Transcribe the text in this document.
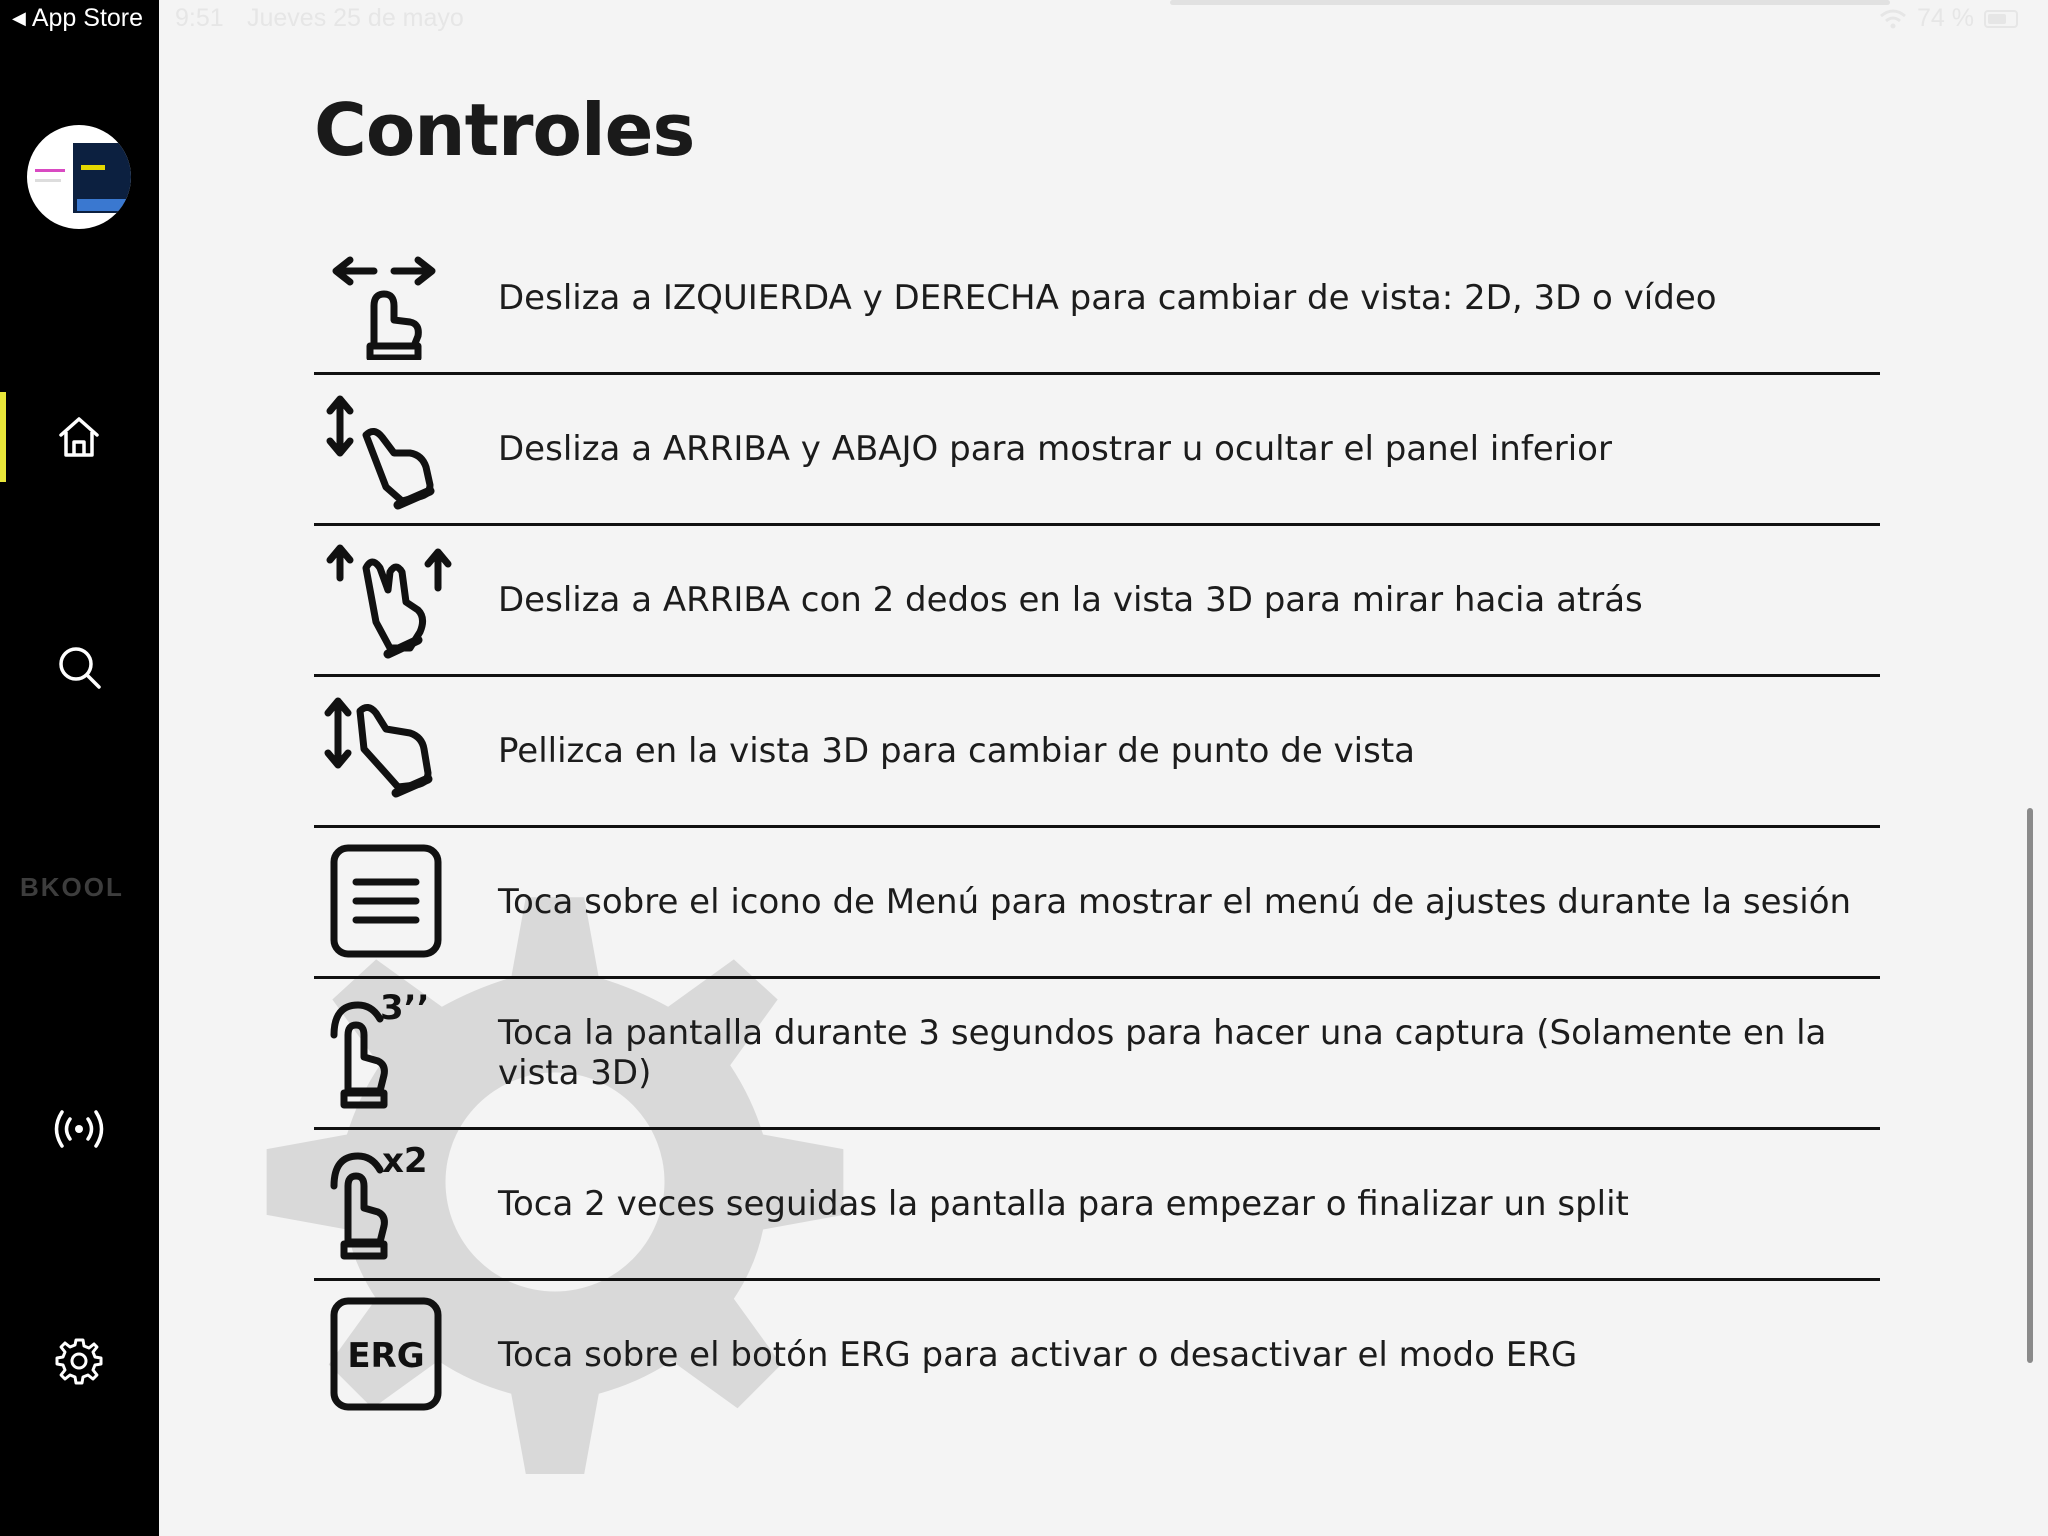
BKOOL
◀ App Store 9:51 Jueves 25 de mayo	74 %
Controles
Desliza a IZQUIERDA y DERECHA para cambiar de vista: 2D, 3D o vídeo
Desliza a ARRIBA y ABAJO para mostrar u ocultar el panel inferior
Desliza a ARRIBA con 2 dedos en la vista 3D para mirar hacia atrás
Pellizca en la vista 3D para cambiar de punto de vista
Toca sobre el icono de Menú para mostrar el menú de ajustes durante la sesión
3’’
Toca la pantalla durante 3 segundos para hacer una captura (Solamente en la vista 3D)
x2
Toca 2 veces seguidas la pantalla para empezar o finalizar un split
ERG Toca sobre el botón ERG para activar o desactivar el modo ERG
